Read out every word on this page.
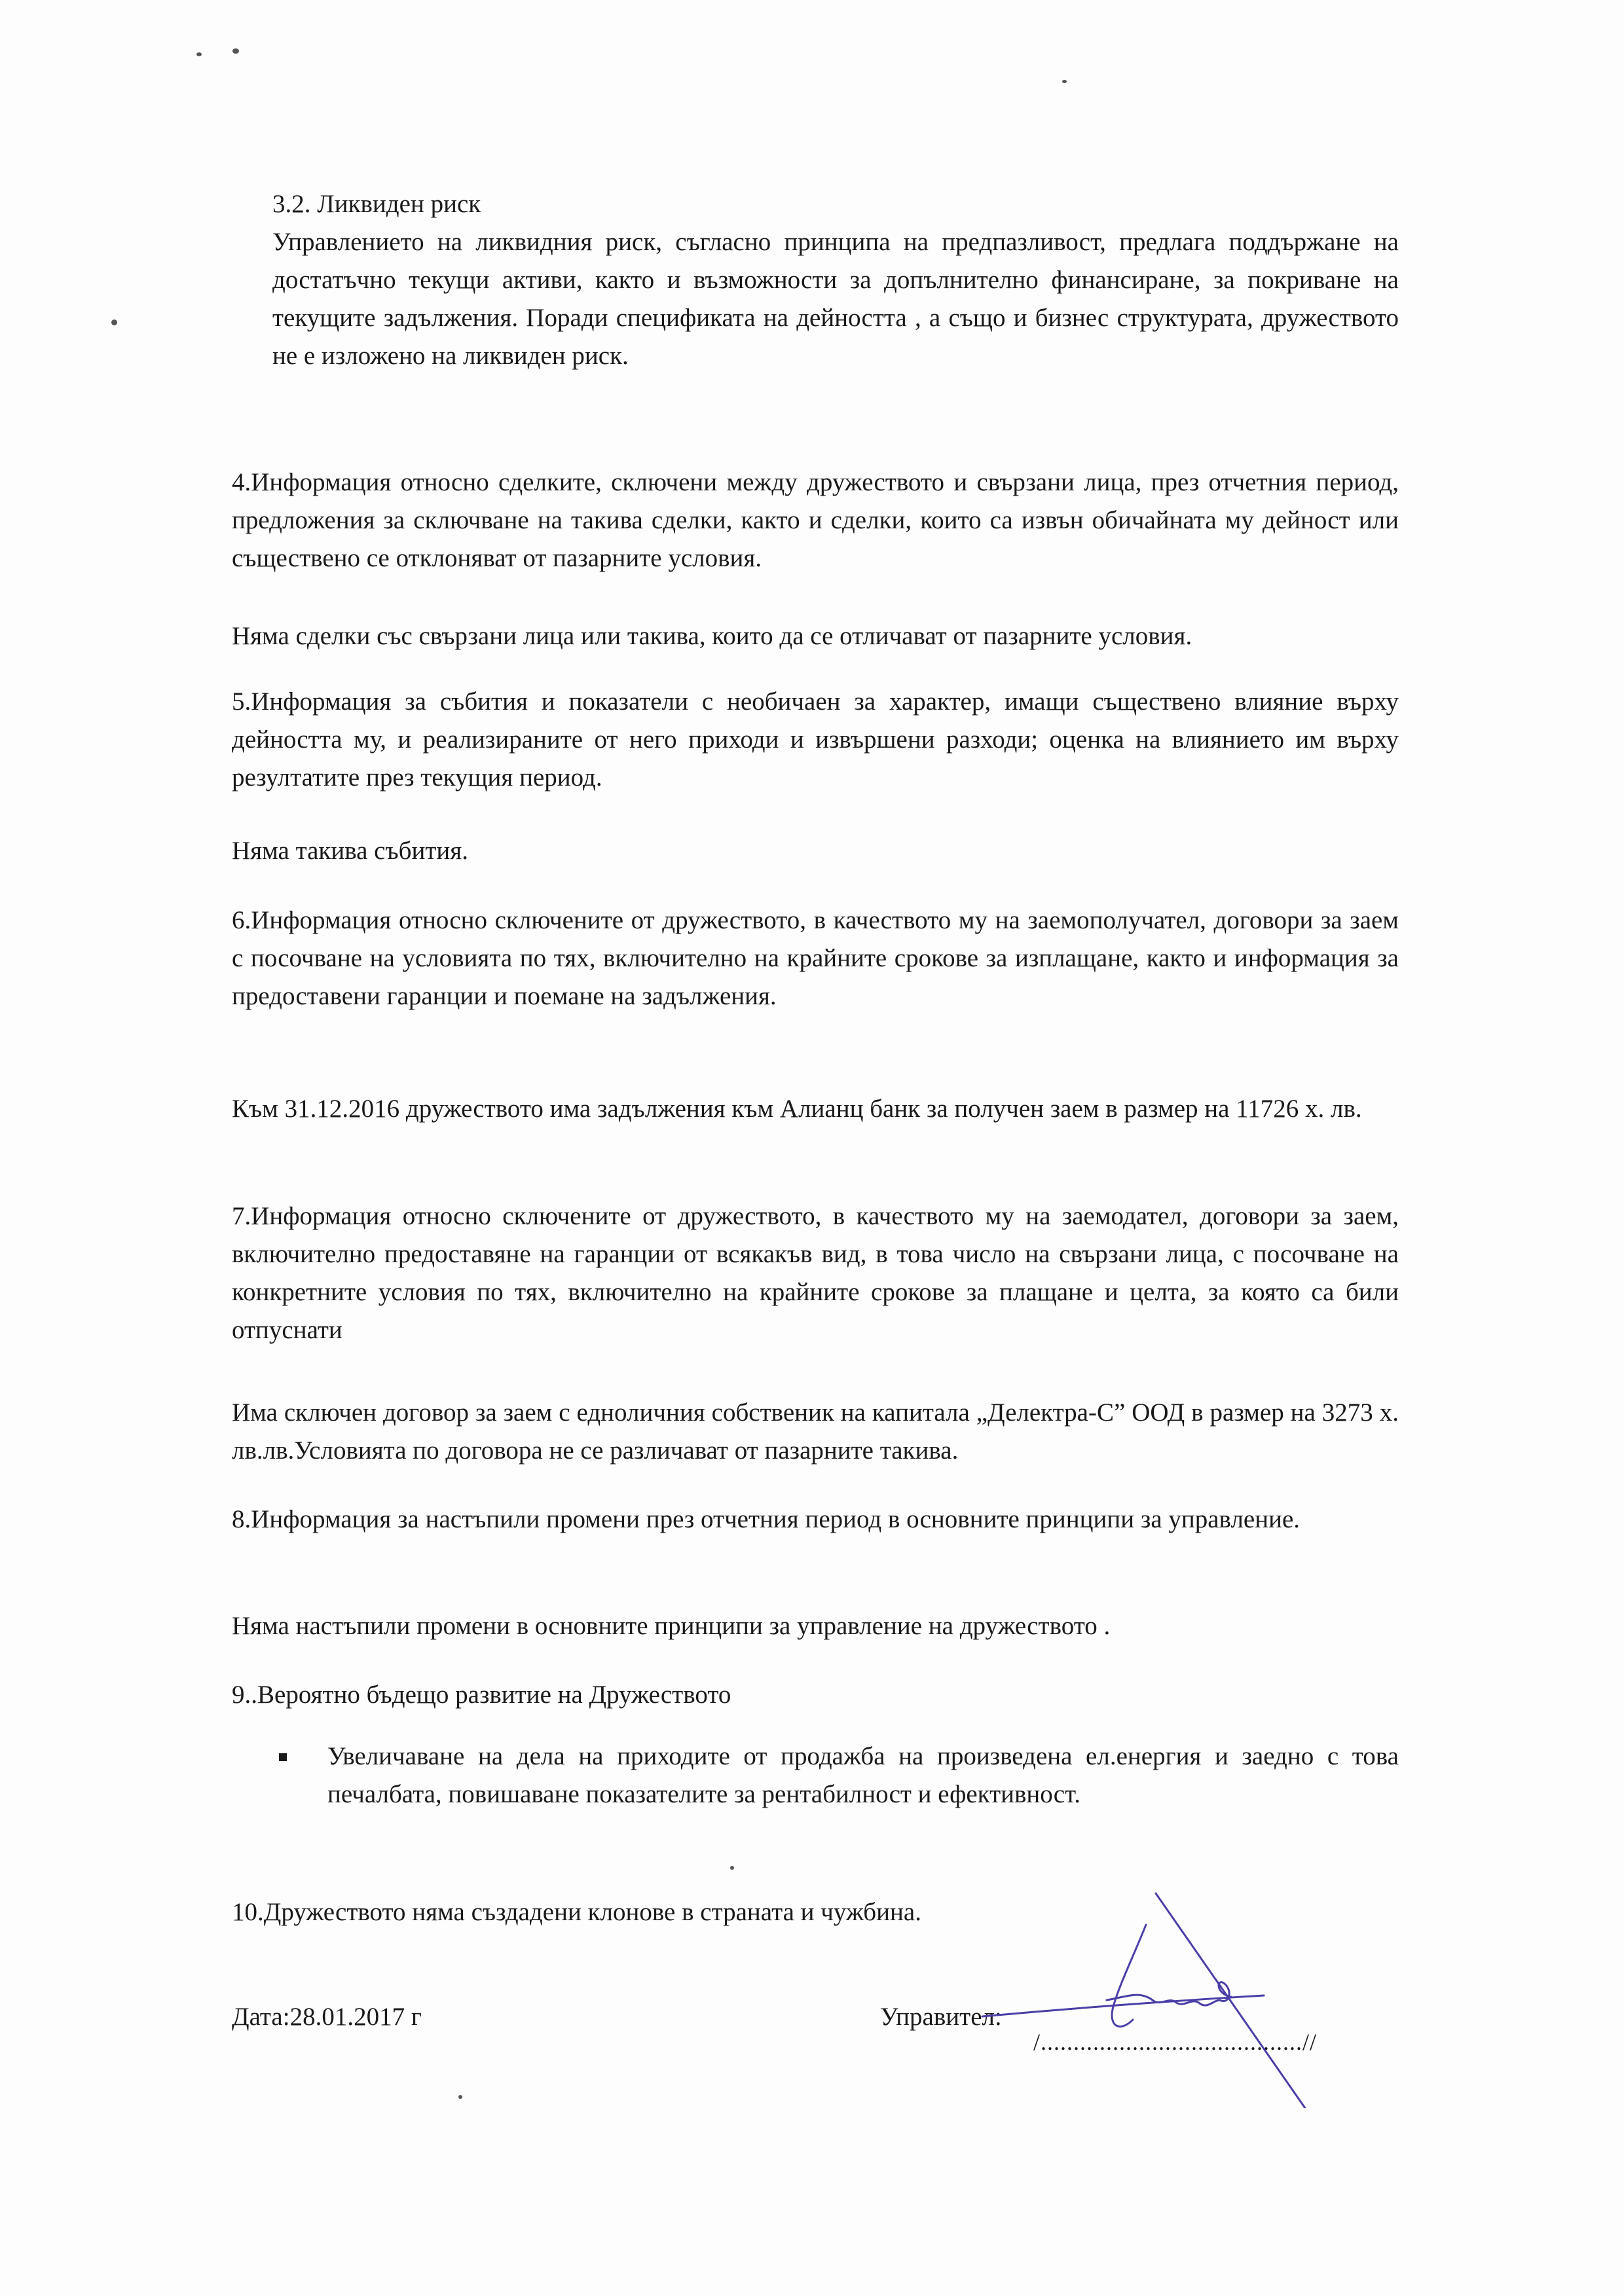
3.2. Ликвиден риск
Управлението на ликвидния риск, съгласно принципа на предпазливост, предлага поддържане на достатъчно текущи активи, както и възможности за допълнително финансиране, за покриване на текущите задължения. Поради спецификата на дейността , а също и бизнес структурата, дружеството не е изложено на ликвиден риск.
4.Информация относно сделките, сключени между дружеството и свързани лица, през отчетния период, предложения за сключване на такива сделки, както и сделки, които са извън обичайната му дейност или съществено се отклоняват от пазарните условия.
Няма сделки със свързани лица или такива, които да се отличават от пазарните условия.
5.Информация за събития и показатели с необичаен за характер, имащи съществено влияние върху дейността му, и реализираните от него приходи и извършени разходи; оценка на влиянието им върху резултатите през текущия период.
Няма такива събития.
6.Информация относно сключените от дружеството, в качеството му на заемополучател, договори за заем с посочване на условията по тях, включително на крайните срокове за изплащане, както и информация за предоставени гаранции и поемане на задължения.
Към 31.12.2016 дружеството има задължения към Алианц банк за получен заем в размер на 11726 х. лв.
7.Информация относно сключените от дружеството, в качеството му на заемодател, договори за заем, включително предоставяне на гаранции от всякакъв вид, в това число на свързани лица, с посочване на конкретните условия по тях, включително на крайните срокове за плащане и целта, за която са били отпуснати
Има сключен договор за заем с едноличния собственик на капитала „Делектра-С” ООД в размер на 3273 х. лв.лв.Условията по договора не се различават от пазарните такива.
8.Информация за настъпили промени през отчетния период в основните принципи за управление.
Няма настъпили промени в основните принципи за управление на дружеството .
9..Вероятно бъдещо развитие на Дружеството
Увеличаване на дела на приходите от продажба на произведена ел.енергия и заедно с това печалбата, повишаване показателите за рентабилност и ефективност.
10.Дружеството няма създадени клонове в страната и чужбина.
Дата:28.01.2017 г	Управител:
/........................................//
